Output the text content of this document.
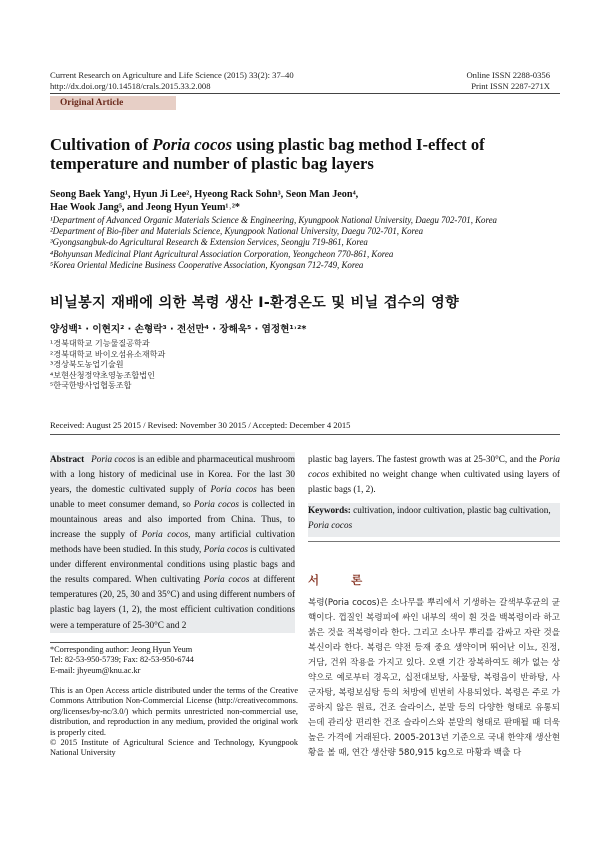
Current Research on Agriculture and Life Science (2015) 33(2): 37–40
http://dx.doi.org/10.14518/crals.2015.33.2.008
Online ISSN 2288-0356
Print ISSN 2287-271X
Original Article
Cultivation of Poria cocos using plastic bag method I-effect of temperature and number of plastic bag layers
Seong Baek Yang¹, Hyun Ji Lee², Hyeong Rack Sohn³, Seon Man Jeon⁴,
Hae Wook Jang⁵, and Jeong Hyun Yeum¹˒²*
¹Department of Advanced Organic Materials Science & Engineering, Kyungpook National University, Daegu 702-701, Korea
²Department of Bio-fiber and Materials Science, Kyungpook National University, Daegu 702-701, Korea
³Gyongsangbuk-do Agricultural Research & Extension Services, Seongju 719-861, Korea
⁴Bohyunsan Medicinal Plant Agricultural Association Corporation, Yeongcheon 770-861, Korea
⁵Korea Oriental Medicine Business Cooperative Association, Kyongsan 712-749, Korea
비닐봉지 재배에 의한 복령 생산 I-환경온도 및 비닐 겹수의 영향
양성백¹ · 이현지² · 손형락³ · 전선만⁴ · 장해욱⁵ · 염정현¹˒²*
¹경북대학교 기능물질공학과
²경북대학교 바이오섬유소재학과
³경상북도농업기술원
⁴보현산청정약초영농조합법인
⁵한국한방사업협동조합
Received: August 25 2015 / Revised: November 30 2015 / Accepted: December 4 2015
Abstract Poria cocos is an edible and pharmaceutical mushroom with a long history of medicinal use in Korea. For the last 30 years, the domestic cultivated supply of Poria cocos has been unable to meet consumer demand, so Poria cocos is collected in mountainous areas and also imported from China. Thus, to increase the supply of Poria cocos, many artificial cultivation methods have been studied. In this study, Poria cocos is cultivated under different environmental conditions using plastic bags and the results compared. When cultivating Poria cocos at different temperatures (20, 25, 30 and 35°C) and using different numbers of plastic bag layers (1, 2), the most efficient cultivation conditions were a temperature of 25-30°C and 2
plastic bag layers. The fastest growth was at 25-30°C, and the Poria cocos exhibited no weight change when cultivated using layers of plastic bags (1, 2).
Keywords: cultivation, indoor cultivation, plastic bag cultivation, Poria cocos
서 론
복령(Poria cocos)은 소나무를 뿌리에서 기생하는 갈색부후균의 균핵이다. 껍질인 복령피에 싸인 내부의 색이 흰 것을 백복령이라 하고 붉은 것을 적복령이라 한다. 그리고 소나무 뿌리를 감싸고 자란 것을 복신이라 한다. 복령은 약전 등재 중요 생약이며 뛰어난 이뇨, 진정, 거담, 건위 작용을 가지고 있다. 오랜 기간 장복하여도 해가 없는 상약으로 예로부터 경옥고, 십전대보탕, 사물탕, 복령음이 반하탕, 사군자탕, 복령보심탕 등의 처방에 빈번히 사용되었다. 복령은 주로 가공하지 않은 원료, 건조 슬라이스, 분말 등의 다양한 형태로 유통되는데 관리상 편리한 건조 슬라이스와 분말의 형태로 판매될 때 더욱 높은 가격에 거래된다. 2005-2013년 기준으로 국내 한약재 생산현황을 볼 때, 연간 생산량 580,915 kg으로 마황과 백출 다
*Corresponding author: Jeong Hyun Yeum
Tel: 82-53-950-5739; Fax: 82-53-950-6744
E-mail: jhyeum@knu.ac.kr
This is an Open Access article distributed under the terms of the Creative Commons Attribution Non-Commercial License (http://creativecommons. org/licenses/by-nc/3.0/) which permits unrestricted non-commercial use, distribution, and reproduction in any medium, provided the original work is properly cited.
© 2015 Institute of Agricultural Science and Technology, Kyungpook National University
